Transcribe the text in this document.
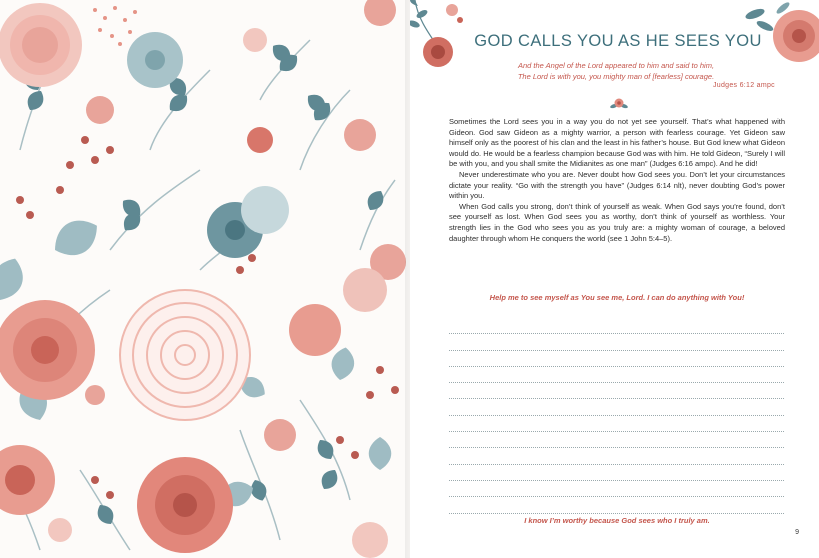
GOD CALLS YOU AS HE SEES YOU
And the Angel of the Lord appeared to him and said to him,
The Lord is with you, you mighty man of [fearless] courage.
Judges 6:12 ampc

Sometimes the Lord sees you in a way you do not yet see yourself. That’s what happened with Gideon. God saw Gideon as a mighty warrior, a person with fearless courage. Yet Gideon saw himself only as the poorest of his clan and the least in his father’s house. But God knew what Gideon would do. He would be a fearless champion because God was with him. He told Gideon, “Surely I will be with you, and you shall smite the Midianites as one man” (Judges 6:16 ampc). And he did!

Never underestimate who you are. Never doubt how God sees you. Don’t let your circumstances dictate your reality. “Go with the strength you have” (Judges 6:14 nlt), never doubting God’s power within you.

When God calls you strong, don’t think of yourself as weak. When God says you’re found, don’t see yourself as lost. When God sees you as worthy, don’t think of yourself as worthless. Your strength lies in the God who sees you as you truly are: a mighty woman of courage, a beloved daughter through whom He conquers the world (see 1 John 5:4–5).

Help me to see myself as You see me, Lord. I can do anything with You!
I know I’m worthy because God sees who I truly am.
9
